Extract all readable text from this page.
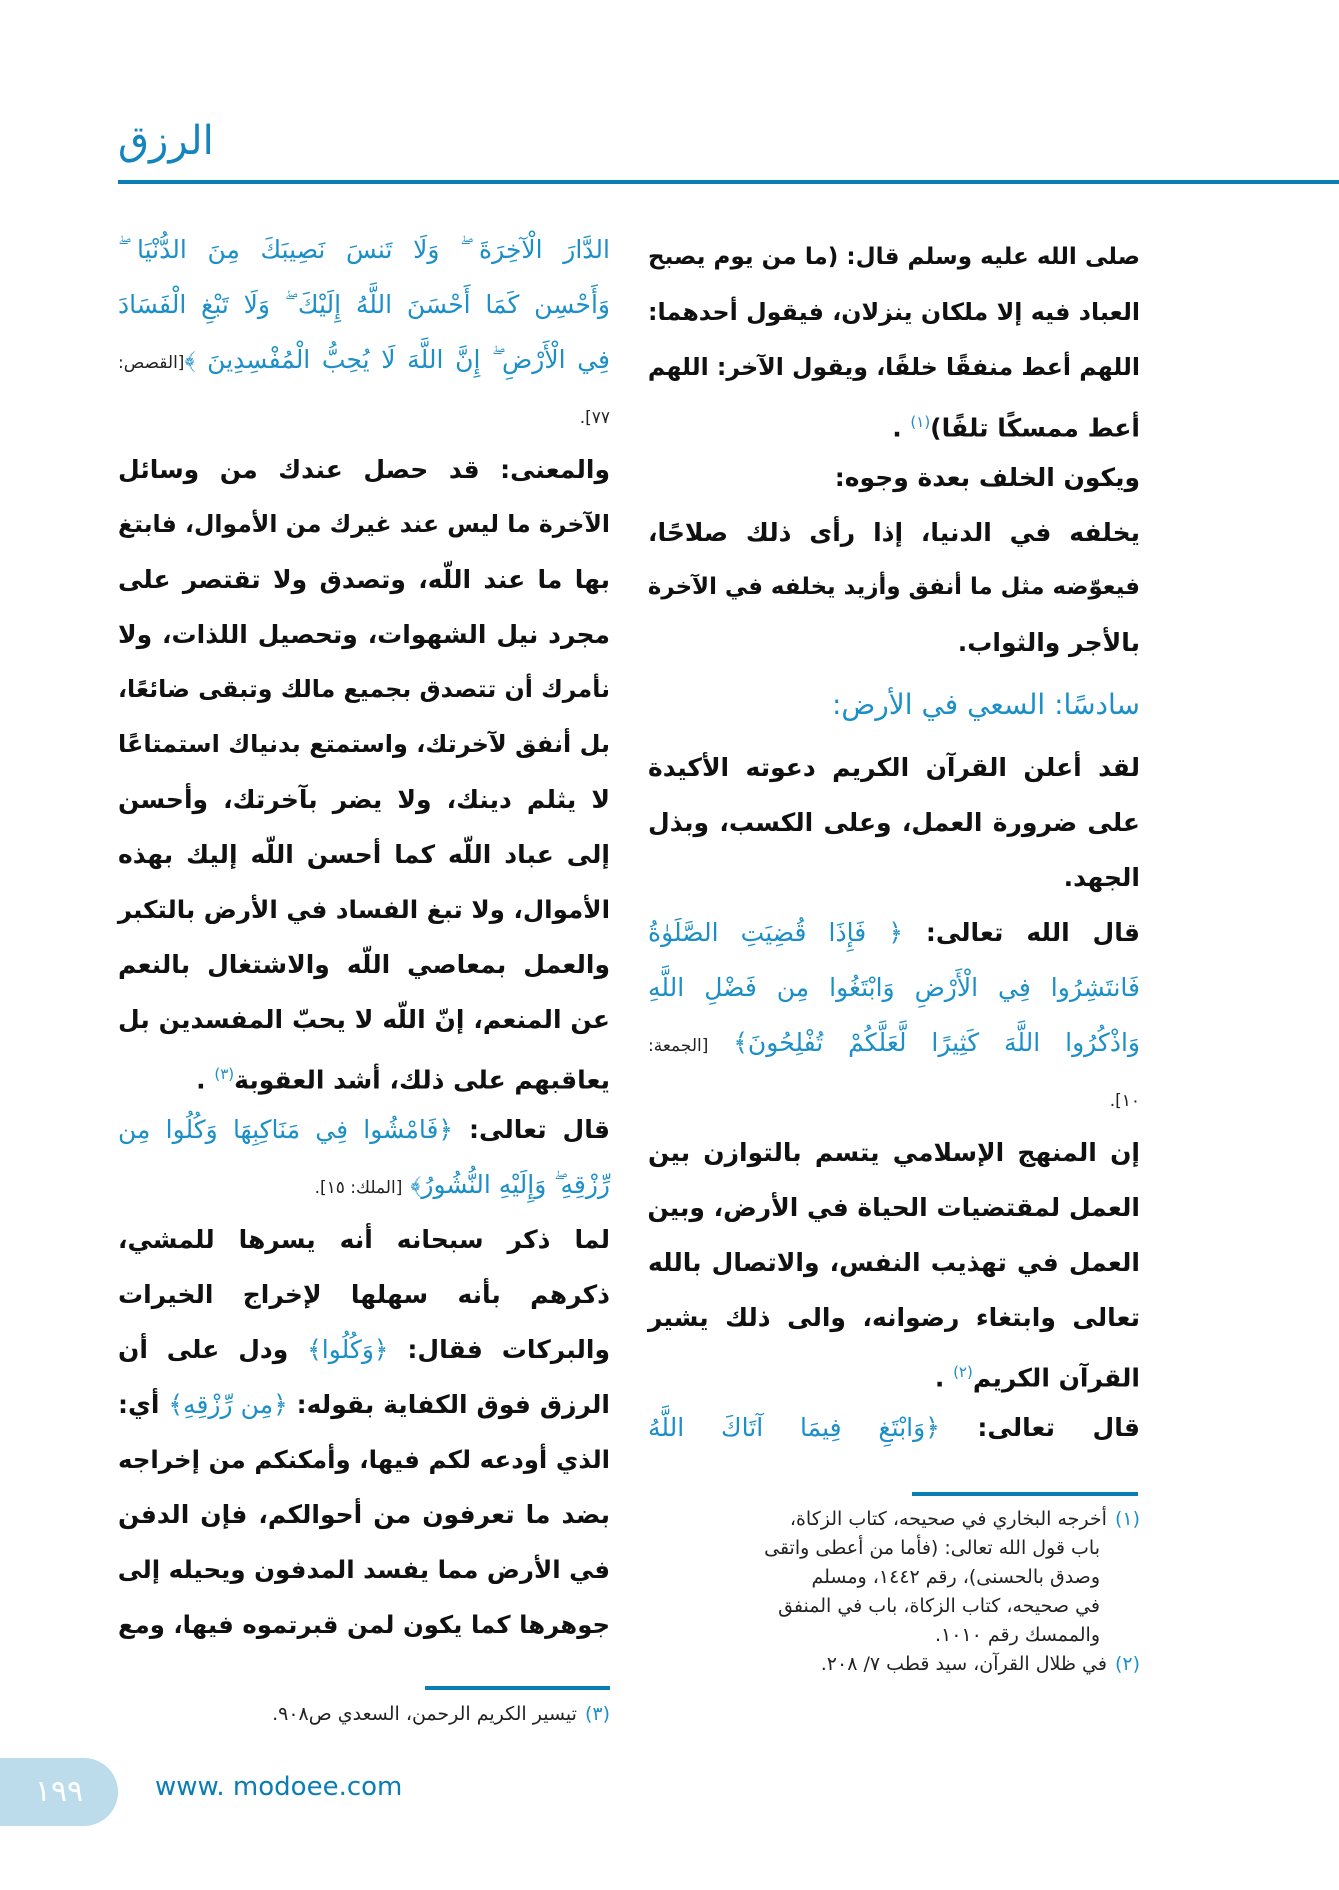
الرزق
صلى الله عليه وسلم قال: (ما من يوم يصبح
العباد فيه إلا ملكان ينزلان، فيقول أحدهما:
اللهم أعط منفقًا خلفًا، ويقول الآخر: اللهم
أعط ممسكًا تلفًا)$^{(١)}$ .
ويكون الخلف بعدة وجوه:
يخلفه في الدنيا، إذا رأى ذلك صلاحًا،
فيعوّضه مثل ما أنفق وأزيد يخلفه في الآخرة
بالأجر والثواب.
سادسًا: السعي في الأرض:
لقد أعلن القرآن الكريم دعوته الأكيدة
على ضرورة العمل، وعلى الكسب، وبذل
الجهد.
قال الله تعالى: ﴿ فَإِذَا قُضِيَتِ الصَّلَوٰةُ
فَانتَشِرُوا فِي الْأَرْضِ وَابْتَغُوا مِن فَضْلِ اللَّهِ
وَاذْكُرُوا اللَّهَ كَثِيرًا لَّعَلَّكُمْ تُفْلِحُونَ﴾ [الجمعة:
١٠].
إن المنهج الإسلامي يتسم بالتوازن بين
العمل لمقتضيات الحياة في الأرض، وبين
العمل في تهذيب النفس، والاتصال بالله
تعالى وابتغاء رضوانه، والى ذلك يشير
القرآن الكريم$^{(٢)}$ .
قال تعالى: ﴿وَابْتَغِ فِيمَا آتَاكَ اللَّهُ
الدَّارَ الْآخِرَةَ ۖ وَلَا تَنسَ نَصِيبَكَ مِنَ الدُّنْيَا ۖ
وَأَحْسِن كَمَا أَحْسَنَ اللَّهُ إِلَيْكَ ۖ وَلَا تَبْغِ الْفَسَادَ
فِي الْأَرْضِ ۖ إِنَّ اللَّهَ لَا يُحِبُّ الْمُفْسِدِينَ ﴾[القصص:
٧٧].
والمعنى: قد حصل عندك من وسائل
الآخرة ما ليس عند غيرك من الأموال، فابتغ
بها ما عند اللّه، وتصدق ولا تقتصر على
مجرد نيل الشهوات، وتحصيل اللذات، ولا
نأمرك أن تتصدق بجميع مالك وتبقى ضائعًا،
بل أنفق لآخرتك، واستمتع بدنياك استمتاعًا
لا يثلم دينك، ولا يضر بآخرتك، وأحسن
إلى عباد اللّه كما أحسن اللّه إليك بهذه
الأموال، ولا تبغ الفساد في الأرض بالتكبر
والعمل بمعاصي اللّه والاشتغال بالنعم
عن المنعم، إنّ اللّه لا يحبّ المفسدين بل
يعاقبهم على ذلك، أشد العقوبة$^{(٣)}$ .
قال تعالى: ﴿فَامْشُوا فِي مَنَاكِبِهَا وَكُلُوا مِن
رِّزْقِهِ ۖ وَإِلَيْهِ النُّشُورُ﴾ [الملك: ١٥].
لما ذكر سبحانه أنه يسرها للمشي،
ذكرهم بأنه سهلها لإخراج الخيرات
والبركات فقال: ﴿وَكُلُوا﴾ ودل على أن
الرزق فوق الكفاية بقوله: ﴿مِن رِّزْقِهِ﴾ أي:
الذي أودعه لكم فيها، وأمكنكم من إخراجه
بضد ما تعرفون من أحوالكم، فإن الدفن
في الأرض مما يفسد المدفون ويحيله إلى
جوهرها كما يكون لمن قبرتموه فيها، ومع
(١)أخرجه البخاري في صحيحه، كتاب الزكاة،
باب قول الله تعالى: (فأما من أعطى واتقى
وصدق بالحسنى)، رقم ١٤٤٢، ومسلم
في صحيحه، كتاب الزكاة، باب في المنفق
والممسك رقم ١٠١٠.
(٢)في ظلال القرآن، سيد قطب ٧/ ٢٠٨.
(٣)تيسير الكريم الرحمن، السعدي ص٩٠٨.
١٩٩	www. modoee.com
